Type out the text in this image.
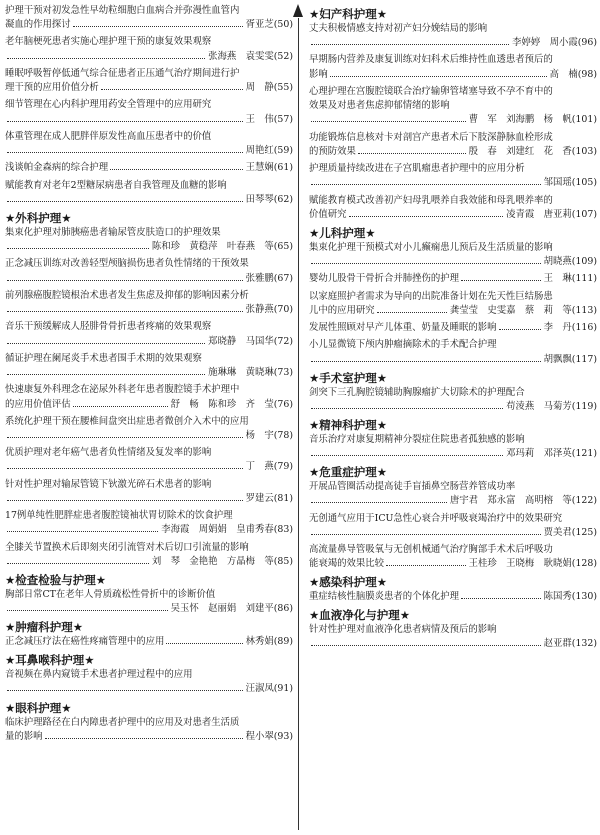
护理干预对初发急性早幼粒细胞白血病合并弥漫性血管内
凝血的作用探讨	胥亚芝 (50)
老年脑梗死患者实施心理护理干预的康复效果观察
张海燕　袁雯雯 (52)
睡眠呼吸暂停低通气综合征患者正压通气治疗期间进行护
理干预的应用价值分析	周　静 (55)
细节管理在心内科护理用药安全管理中的应用研究
王　伟 (57)
体重管理在成人肥胖伴原发性高血压患者中的价值
周艳红 (59)
浅谈帕金森病的综合护理	王慧娴 (61)
赋能教育对老年2型糖尿病患者自我管理及血糖的影响
田琴琴 (62)
★外科护理★
集束化护理对肺胰癌患者输尿管皮肤造口的护理效果
陈和珍　黄稳萍　叶春燕　等 (65)
正念减压训练对改善轻型颅脑损伤患者负性情绪的干预效果
张雅鹏 (67)
前列腺癌腹腔镜根治术患者发生焦虑及抑郁的影响因素分析
张静燕 (70)
音乐干预缓解成人胫腓骨骨折患者疼痛的效果观察
郑晓静　马国华 (72)
循证护理在阑尾炎手术患者围手术期的效果观察
施琳琳　黄晓琳 (73)
快速康复外科理念在泌尿外科老年患者腹腔镜手术护理中
的应用价值评估	舒　畅　陈和珍　齐　莹 (76)
系统化护理干预在腰椎间盘突出症患者微创介入术中的应用
杨　宇 (78)
优质护理对老年癌气患者负性情绪及复发率的影响
丁　燕 (79)
针对性护理对输尿管镜下钬激光碎石术患者的影响
罗建云 (81)
17例单纯性肥胖症患者腹腔镜袖状胃切除术的饮食护理
李海霞　周娟娟　皇甫秀春 (83)
全膝关节置换术后即刻夹闭引流管对术后切口引流量的影响
刘　琴　金艳艳　方晶梅　等 (85)
★检查检验与护理★
胸部日常CT在老年人骨质疏松性骨折中的诊断价值
吴玉怀　赵丽娟　刘建平 (86)
★肿瘤科护理★
正念减压疗法在癌性疼痛管理中的应用	林秀娟 (89)
★耳鼻喉科护理★
音视频在鼻内窥镜手术患者护理过程中的应用
汪淑凤 (91)
★眼科护理★
临床护理路径在白内障患者护理中的应用及对患者生活质
量的影响	程小翠 (93)
★妇产科护理★
丈夫积极情感支持对初产妇分娩结局的影响
李婷婷　周小霞 (96)
早期肠内营养及康复训练对妇科术后维持性血透患者预后的
影响	高　楠 (98)
心理护理在宫腹腔镜联合治疗输卵管堵塞导致不孕不育中的
效果及对患者焦虑抑郁情绪的影响
曹　军　刘海鹏　杨　帆 (101)
功能锻炼信息核对卡对剖宫产患者术后下肢深静脉血栓形成
的预防效果	殷　春　刘建红　花　香 (103)
护理质量持续改进在子宫肌瘤患者护理中的应用分析
邹国瑶 (105)
赋能教育模式改善初产妇母乳喂养自我效能和母乳喂养率的
价值研究	凌青霞　唐亚莉 (107)
★儿科护理★
集束化护理干预模式对小儿癫痫患儿预后及生活质量的影响
胡晓燕 (109)
婴幼儿股骨干骨折合并肺挫伤的护理	王　琳 (111)
以家庭照护者需求为导向的出院准备计划在先天性巨结肠患
儿中的应用研究	龚莹莹　史雯嘉　蔡　莉　等 (113)
发展性照顾对早产儿体重、奶量及睡眠的影响	李　丹 (116)
小儿显微镜下颅内肿瘤摘除术的手术配合护理
胡飘飘 (117)
★手术室护理★
剑突下三孔胸腔镜辅助胸腺瘤扩大切除术的护理配合
苟淩燕　马菊芳 (119)
★精神科护理★
音乐治疗对康复期精神分裂症住院患者孤独感的影响
邓玛莉　邓泽英 (121)
★危重症护理★
开展品管圈活动提高徒手盲插鼻空肠营养管成功率
唐宇君　郑永富　高明榕　等 (122)
无创通气应用于ICU急性心衰合并呼吸衰竭治疗中的效果研究
贾美君 (125)
高流量鼻导管吸氧与无创机械通气治疗胸部手术术后呼吸功
能衰竭的效果比较	王桂珍　王晓梅　耿晓娟 (128)
★感染科护理★
重症结核性脑膜炎患者的个体化护理	陈国秀 (130)
★血液净化与护理★
针对性护理对血液净化患者病情及预后的影响
赵亚群 (132)
